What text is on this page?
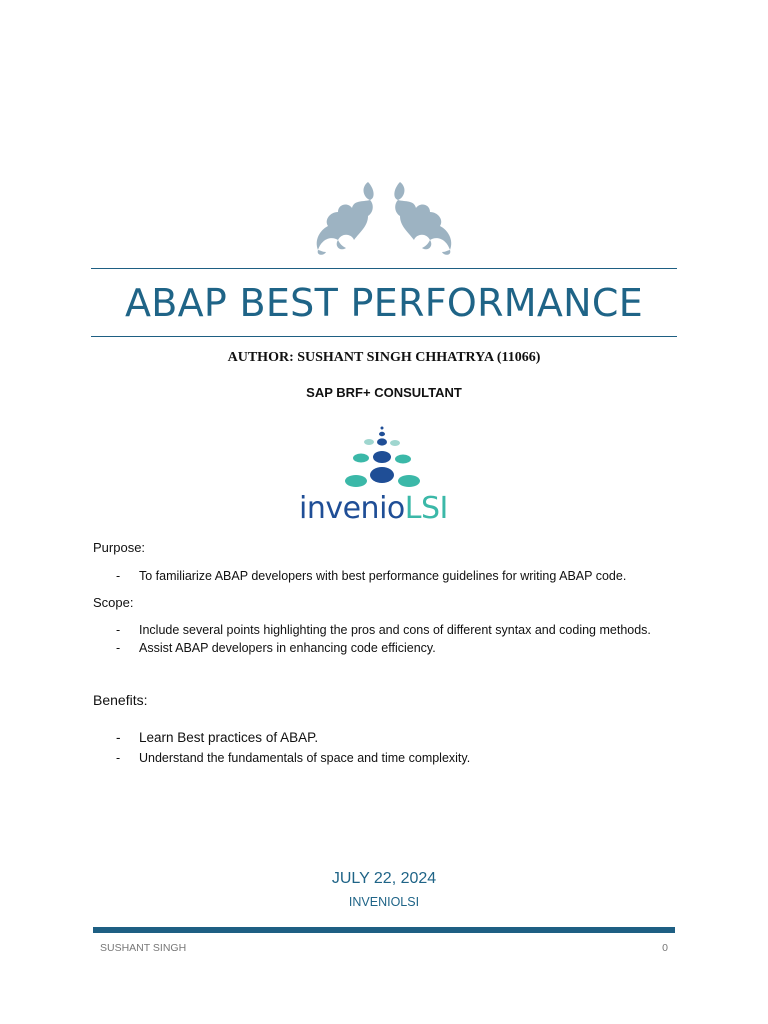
ABAP BEST PERFORMANCE
AUTHOR: SUSHANT SINGH CHHATRYA (11066)
SAP BRF+ CONSULTANT
invenioLSI
Purpose:
- To familiarize ABAP developers with best performance guidelines for writing ABAP code.
Scope:
- Include several points highlighting the pros and cons of different syntax and coding methods.
- Assist ABAP developers in enhancing code efficiency.
Benefits:
- Learn Best practices of ABAP.
- Understand the fundamentals of space and time complexity.
JULY 22, 2024
INVENIOLSI
SUSHANT SINGH	0
